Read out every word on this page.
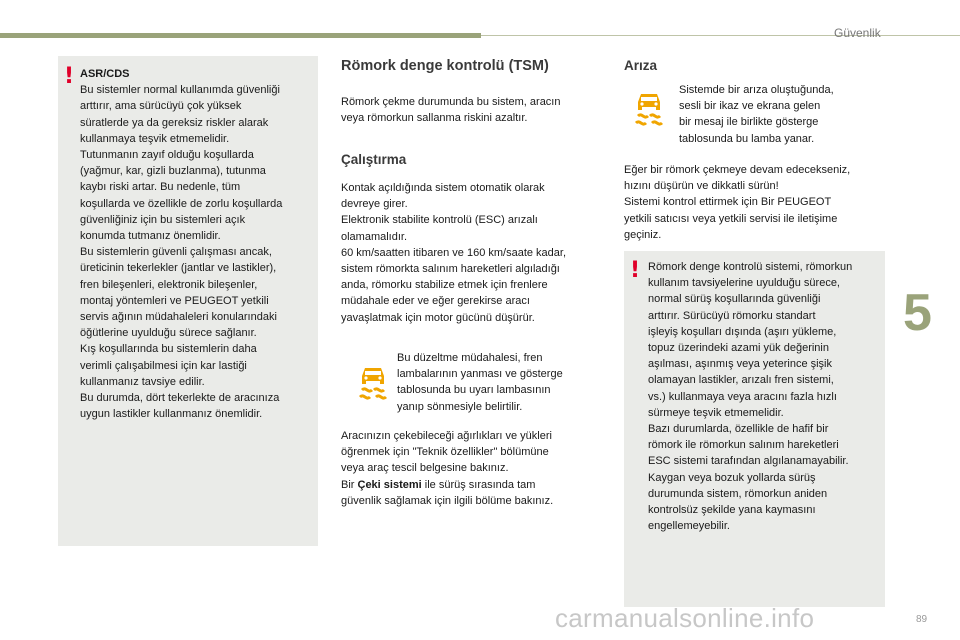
Güvenlik
5
89
! ASR/CDS

Bu sistemler normal kullanımda güvenliği

arttırır, ama sürücüyü çok yüksek

süratlerde ya da gereksiz riskler alarak

kullanmaya teşvik etmemelidir.

Tutunmanın zayıf olduğu koşullarda

(yağmur, kar, gizli buzlanma), tutunma

kaybı riski artar. Bu nedenle, tüm

koşullarda ve özellikle de zorlu koşullarda

güvenliğiniz için bu sistemleri açık

konumda tutmanız önemlidir.

Bu sistemlerin güvenli çalışması ancak,

üreticinin tekerlekler (jantlar ve lastikler),

fren bileşenleri, elektronik bileşenler,

montaj yöntemleri ve PEUGEOT yetkili

servis ağının müdahaleleri konularındaki

öğütlerine uyulduğu sürece sağlanır.

Kış koşullarında bu sistemlerin daha

verimli çalışabilmesi için kar lastiği

kullanmanız tavsiye edilir.

Bu durumda, dört tekerlekte de aracınıza

uygun lastikler kullanmanız önemlidir.

Römork denge kontrolü (TSM)

Römork çekme durumunda bu sistem, aracın

veya römorkun sallanma riskini azaltır.

Çalıştırma

Kontak açıldığında sistem otomatik olarak

devreye girer.

Elektronik stabilite kontrolü (ESC) arızalı

olamamalıdır.

60 km/saatten itibaren ve 160 km/saate kadar,

sistem römorkta salınım hareketleri algıladığı

anda, römorku stabilize etmek için frenlere

müdahale eder ve eğer gerekirse aracı

yavaşlatmak için motor gücünü düşürür.

Bu düzeltme müdahalesi, fren

lambalarının yanması ve gösterge

tablosunda bu uyarı lambasının

yanıp sönmesiyle belirtilir.

Aracınızın çekebileceği ağırlıkları ve yükleri

öğrenmek için "Teknik özellikler" bölümüne

veya araç tescil belgesine bakınız.

Bir Çeki sistemi ile sürüş sırasında tam

güvenlik sağlamak için ilgili bölüme bakınız.

Arıza

Sistemde bir arıza oluştuğunda,

sesli bir ikaz ve ekrana gelen

bir mesaj ile birlikte gösterge

tablosunda bu lamba yanar.

Eğer bir römork çekmeye devam edecekseniz,

hızını düşürün ve dikkatli sürün!

Sistemi kontrol ettirmek için Bir PEUGEOT

yetkili satıcısı veya yetkili servisi ile iletişime

geçiniz.

! Römork denge kontrolü sistemi, römorkun

kullanım tavsiyelerine uyulduğu sürece,

normal sürüş koşullarında güvenliği

arttırır. Sürücüyü römorku standart

işleyiş koşulları dışında (aşırı yükleme,

topuz üzerindeki azami yük değerinin

aşılması, aşınmış veya yeterince şişik

olamayan lastikler, arızalı fren sistemi,

vs.) kullanmaya veya aracını fazla hızlı

sürmeye teşvik etmemelidir.

Bazı durumlarda, özellikle de hafif bir

römork ile römorkun salınım hareketleri

ESC sistemi tarafından algılanamayabilir.

Kaygan veya bozuk yollarda sürüş

durumunda sistem, römorkun aniden

kontrolsüz şekilde yana kaymasını

engellemeyebilir.

carmanualsonline.info
